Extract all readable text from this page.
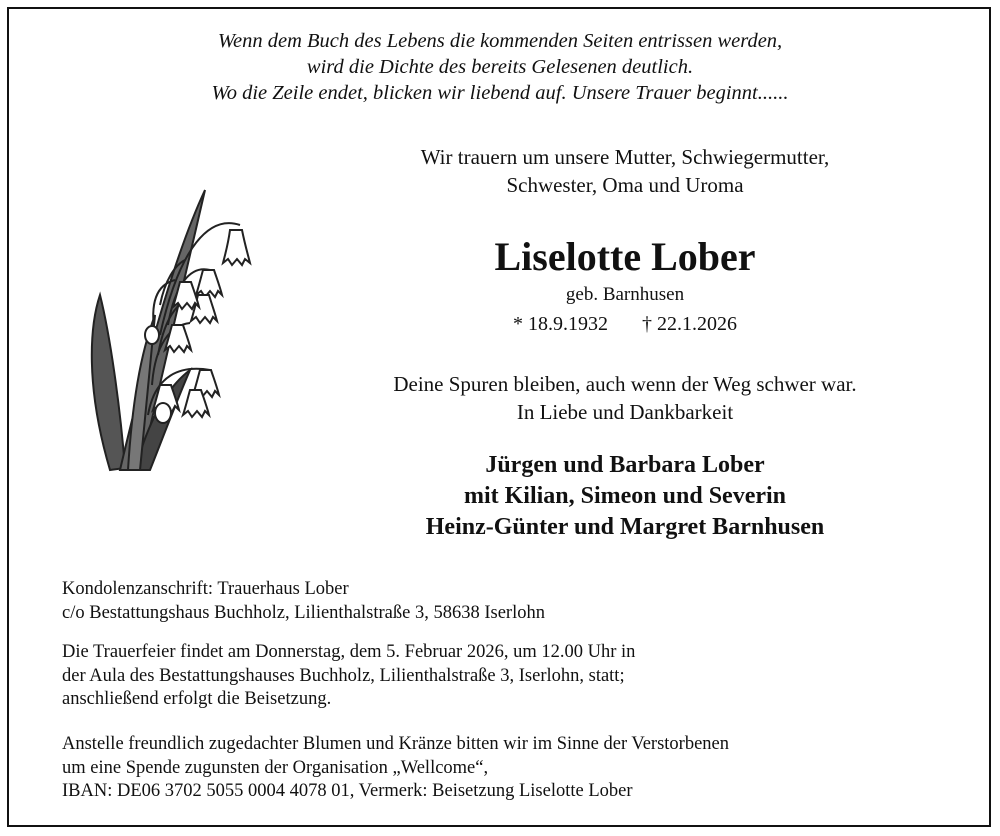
Wenn dem Buch des Lebens die kommenden Seiten entrissen werden,
wird die Dichte des bereits Gelesenen deutlich.
Wo die Zeile endet, blicken wir liebend auf. Unsere Trauer beginnt......
Wir trauern um unsere Mutter, Schwiegermutter,
Schwester, Oma und Uroma
Liselotte Lober
geb. Barnhusen
* 18.9.1932 † 22.1.2026
Deine Spuren bleiben, auch wenn der Weg schwer war.
In Liebe und Dankbarkeit
Jürgen und Barbara Lober
mit Kilian, Simeon und Severin
Heinz-Günter und Margret Barnhusen
Kondolenzanschrift: Trauerhaus Lober
c/o Bestattungshaus Buchholz, Lilienthalstraße 3, 58638 Iserlohn
Die Trauerfeier findet am Donnerstag, dem 5. Februar 2026, um 12.00 Uhr in
der Aula des Bestattungshauses Buchholz, Lilienthalstraße 3, Iserlohn, statt;
anschließend erfolgt die Beisetzung.
Anstelle freundlich zugedachter Blumen und Kränze bitten wir im Sinne der Verstorbenen
um eine Spende zugunsten der Organisation „Wellcome“,
IBAN: DE06 3702 5055 0004 4078 01, Vermerk: Beisetzung Liselotte Lober
